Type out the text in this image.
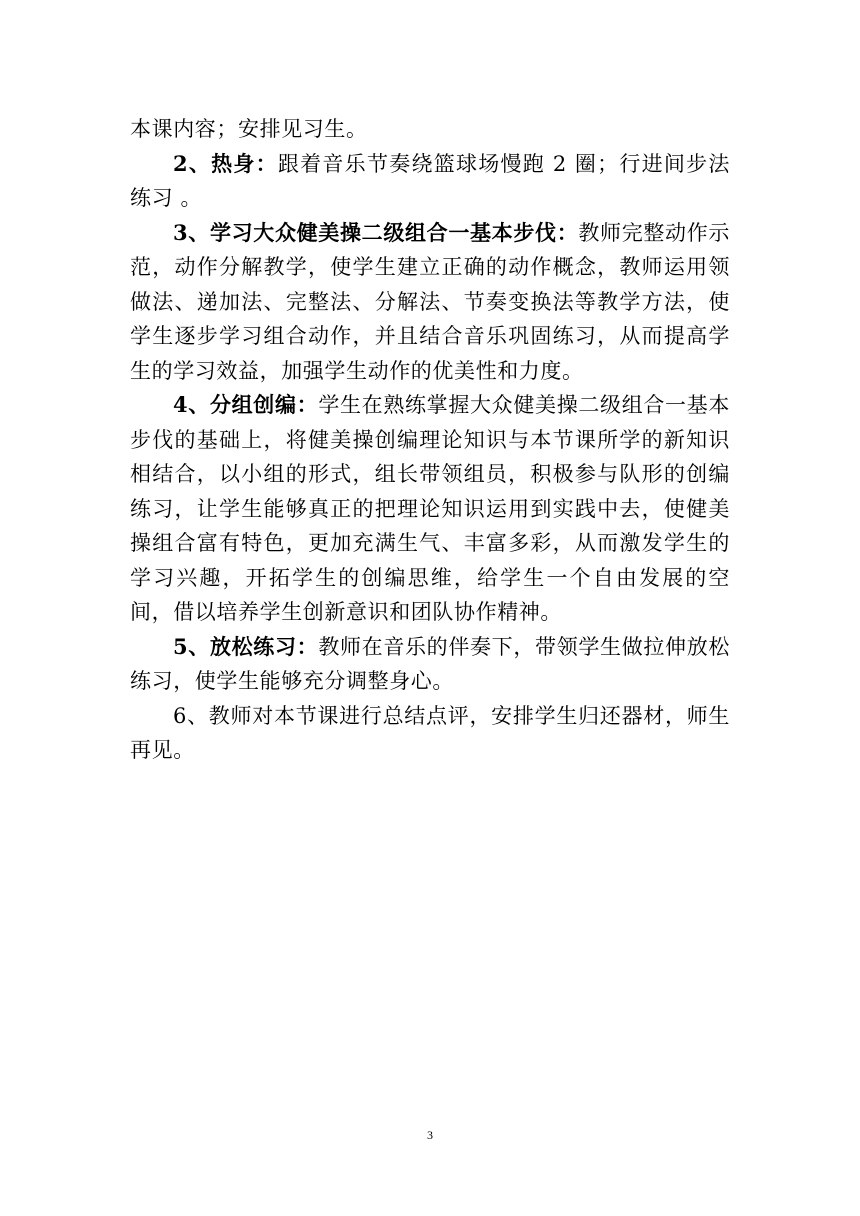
本课内容；安排见习生。

2、热身：跟着音乐节奏绕篮球场慢跑 2 圈；行进间步法练习 。

3、学习大众健美操二级组合一基本步伐：教师完整动作示范，动作分解教学，使学生建立正确的动作概念，教师运用领做法、递加法、完整法、分解法、节奏变换法等教学方法，使学生逐步学习组合动作，并且结合音乐巩固练习，从而提高学生的学习效益，加强学生动作的优美性和力度。

4、分组创编：学生在熟练掌握大众健美操二级组合一基本步伐的基础上，将健美操创编理论知识与本节课所学的新知识相结合，以小组的形式，组长带领组员，积极参与队形的创编练习，让学生能够真正的把理论知识运用到实践中去，使健美操组合富有特色，更加充满生气、丰富多彩，从而激发学生的学习兴趣，开拓学生的创编思维，给学生一个自由发展的空间，借以培养学生创新意识和团队协作精神。

5、放松练习：教师在音乐的伴奏下，带领学生做拉伸放松练习，使学生能够充分调整身心。

6、教师对本节课进行总结点评，安排学生归还器材，师生再见。

3
